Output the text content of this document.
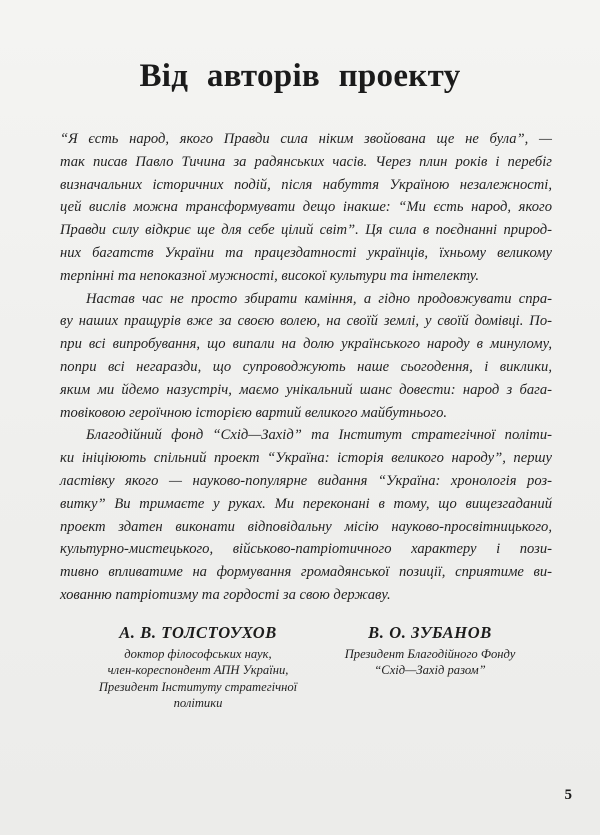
Від авторів проекту
“Я єсть народ, якого Правди сила ніким звойована ще не була”, —
так писав Павло Тичина за радянських часів. Через плин років і перебіг
визначальних історичних подій, після набуття Україною незалежності,
цей вислів можна трансформувати дещо інакше: “Ми єсть народ, якого
Правди силу відкриє ще для себе цілий світ”. Ця сила в поєднанні природ-
них багатств України та працездатності українців, їхньому великому
терпінні та непоказної мужності, високої культури та інтелекту.
Настав час не просто збирати каміння, а гідно продовжувати спра-
ву наших пращурів вже за своєю волею, на своїй землі, у своїй домівці. По-
при всі випробування, що випали на долю українського народу в минулому,
попри всі негаразди, що супроводжують наше сьогодення, і виклики,
яким ми йдемо назустріч, маємо унікальний шанс довести: народ з бага-
товіковою героїчною історією вартий великого майбутнього.
Благодійний фонд “Схід—Захід” та Інститут стратегічної політи-
ки ініціюють спільний проект “Україна: історія великого народу”, першу
ластівку якого — науково-популярне видання “Україна: хронологія роз-
витку” Ви тримаєте у руках. Ми переконані в тому, що вищезгаданий
проект здатен виконати відповідальну місію науково-просвітницького,
культурно-мистецького, військово-патріотичного характеру і пози-
тивно впливатиме на формування громадянської позиції, сприятиме ви-
хованню патріотизму та гордості за свою державу.
А. В. ТОЛСТОУХОВ
доктор філософських наук,
член-кореспондент АПН України,
Президент Інституту стратегічної
політики
В. О. ЗУБАНОВ
Президент Благодійного Фонду
“Схід—Захід разом”
5
